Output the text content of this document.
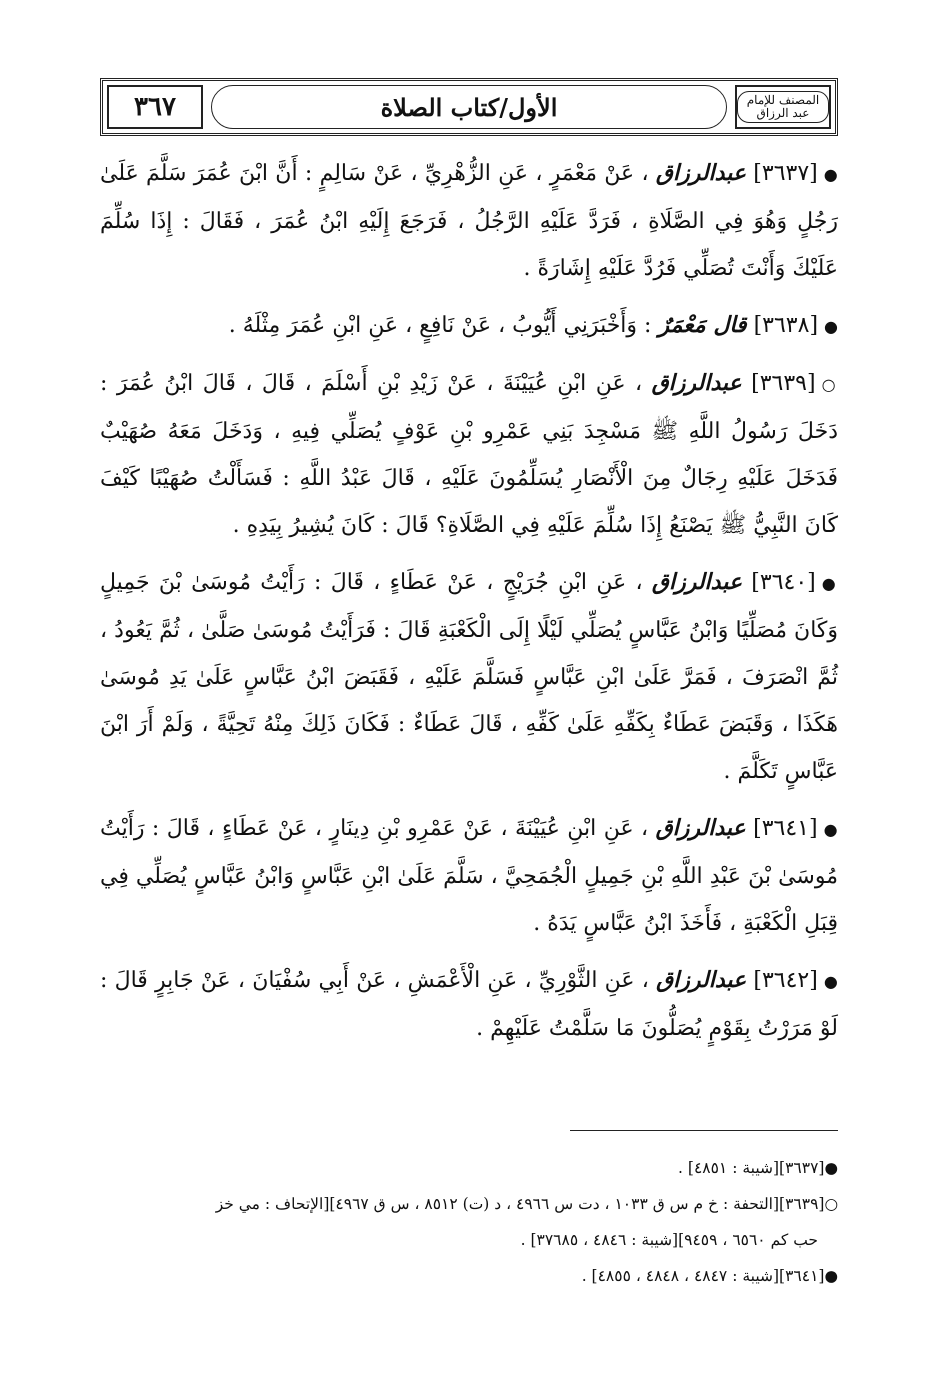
٣٦٧	الأول/كتاب الصلاة	المصنف للإمام عبد الرزاق

●[٣٦٣٧] عبدالرزاق ، عَنْ مَعْمَرٍ ، عَنِ الزُّهْرِيِّ ، عَنْ سَالِمٍ : أَنَّ ابْنَ عُمَرَ سَلَّمَ عَلَىٰ رَجُلٍ وَهُوَ فِي الصَّلَاةِ ، فَرَدَّ عَلَيْهِ الرَّجُلُ ، فَرَجَعَ إِلَيْهِ ابْنُ عُمَرَ ، فَقَالَ : إِذَا سُلِّمَ عَلَيْكَ وَأَنْتَ تُصَلِّي فَرُدَّ عَلَيْهِ إِشَارَةً .

●[٣٦٣٨] قال مَعْمَرٌ : وَأَخْبَرَنِي أَيُّوبُ ، عَنْ نَافِعٍ ، عَنِ ابْنِ عُمَرَ مِثْلَهُ .

○[٣٦٣٩] عبدالرزاق ، عَنِ ابْنِ عُيَيْنَةَ ، عَنْ زَيْدِ بْنِ أَسْلَمَ ، قَالَ ، قَالَ ابْنُ عُمَرَ : دَخَلَ رَسُولُ اللَّهِ ﷺ مَسْجِدَ بَنِي عَمْرِو بْنِ عَوْفٍ يُصَلِّي فِيهِ ، وَدَخَلَ مَعَهُ صُهَيْبٌ فَدَخَلَ عَلَيْهِ رِجَالٌ مِنَ الْأَنْصَارِ يُسَلِّمُونَ عَلَيْهِ ، قَالَ عَبْدُ اللَّهِ : فَسَأَلْتُ صُهَيْبًا كَيْفَ كَانَ النَّبِيُّ ﷺ يَصْنَعُ إِذَا سُلِّمَ عَلَيْهِ فِي الصَّلَاةِ؟ قَالَ : كَانَ يُشِيرُ بِيَدِهِ .

●[٣٦٤٠] عبدالرزاق ، عَنِ ابْنِ جُرَيْجٍ ، عَنْ عَطَاءٍ ، قَالَ : رَأَيْتُ مُوسَىٰ بْنَ جَمِيلٍ وَكَانَ مُصَلِّيًا وَابْنُ عَبَّاسٍ يُصَلِّي لَيْلًا إِلَى الْكَعْبَةِ قَالَ : فَرَأَيْتُ مُوسَىٰ صَلَّىٰ ، ثُمَّ يَعُودُ ، ثُمَّ انْصَرَفَ ، فَمَرَّ عَلَىٰ ابْنِ عَبَّاسٍ فَسَلَّمَ عَلَيْهِ ، فَقَبَضَ ابْنُ عَبَّاسٍ عَلَىٰ يَدِ مُوسَىٰ هَكَذَا ، وَقَبَضَ عَطَاءٌ بِكَفِّهِ عَلَىٰ كَفِّهِ ، قَالَ عَطَاءٌ : فَكَانَ ذَلِكَ مِنْهُ تَحِيَّةً ، وَلَمْ أَرَ ابْنَ عَبَّاسٍ تَكَلَّمَ .

●[٣٦٤١] عبدالرزاق ، عَنِ ابْنِ عُيَيْنَةَ ، عَنْ عَمْرِو بْنِ دِينَارٍ ، عَنْ عَطَاءٍ ، قَالَ : رَأَيْتُ مُوسَىٰ بْنَ عَبْدِ اللَّهِ بْنِ جَمِيلٍ الْجُمَحِيَّ ، سَلَّمَ عَلَىٰ ابْنِ عَبَّاسٍ وَابْنُ عَبَّاسٍ يُصَلِّي فِي قِبَلِ الْكَعْبَةِ ، فَأَخَذَ ابْنُ عَبَّاسٍ يَدَهُ .

●[٣٦٤٢] عبدالرزاق ، عَنِ الثَّوْرِيِّ ، عَنِ الْأَعْمَشِ ، عَنْ أَبِي سُفْيَانَ ، عَنْ جَابِرٍ قَالَ : لَوْ مَرَرْتُ بِقَوْمٍ يُصَلُّونَ مَا سَلَّمْتُ عَلَيْهِمْ .

●[٣٦٣٧][شيبة : ٤٨٥١] .

○[٣٦٣٩][التحفة : خ م س ق ١٠٣٣ ، دت س ٤٩٦٦ ، د (ت) ٨٥١٢ ، س ق ٤٩٦٧][الإتحاف : مي خز
حب كم ٦٥٦٠ ، ٩٤٥٩][شيبة : ٤٨٤٦ ، ٣٧٦٨٥] .

●[٣٦٤١][شيبة : ٤٨٤٧ ، ٤٨٤٨ ، ٤٨٥٥] .
